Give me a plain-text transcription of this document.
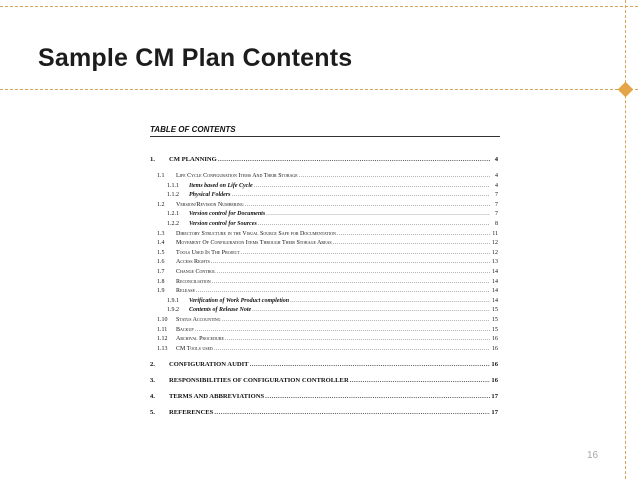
Sample CM Plan Contents
TABLE OF CONTENTS
1.	CM PLANNING .....	4
1.1	Life Cycle Configuration Items And Their Storage .....	4
1.1.1	Items based on Life Cycle .....	4
1.1.2	Physical Folders .....	7
1.2	Version/Revision Numbering .....	7
1.2.1	Version control for Documents .....	7
1.2.2	Version control for Sources .....	8
1.3	Directory Structure in the Visual Source Safe for Documentation .....	11
1.4	Movement Of Configuration Items Through Their Storage Areas .....	12
1.5	Tools Used In The Project .....	12
1.6	Access Rights .....	13
1.7	Change Control .....	14
1.8	Reconciliation .....	14
1.9	Release .....	14
1.9.1	Verification of Work Product completion .....	14
1.9.2	Contents of Release Note .....	15
1.10	Status Accounting .....	15
1.11	Backup .....	15
1.12	Archival Procedure .....	16
1.13	CM Tools used .....	16
2.	CONFIGURATION AUDIT .....	16
3.	RESPONSIBILITIES OF CONFIGURATION CONTROLLER .....	16
4.	TERMS AND ABBREVIATIONS .....	17
5.	REFERENCES .....	17
16
